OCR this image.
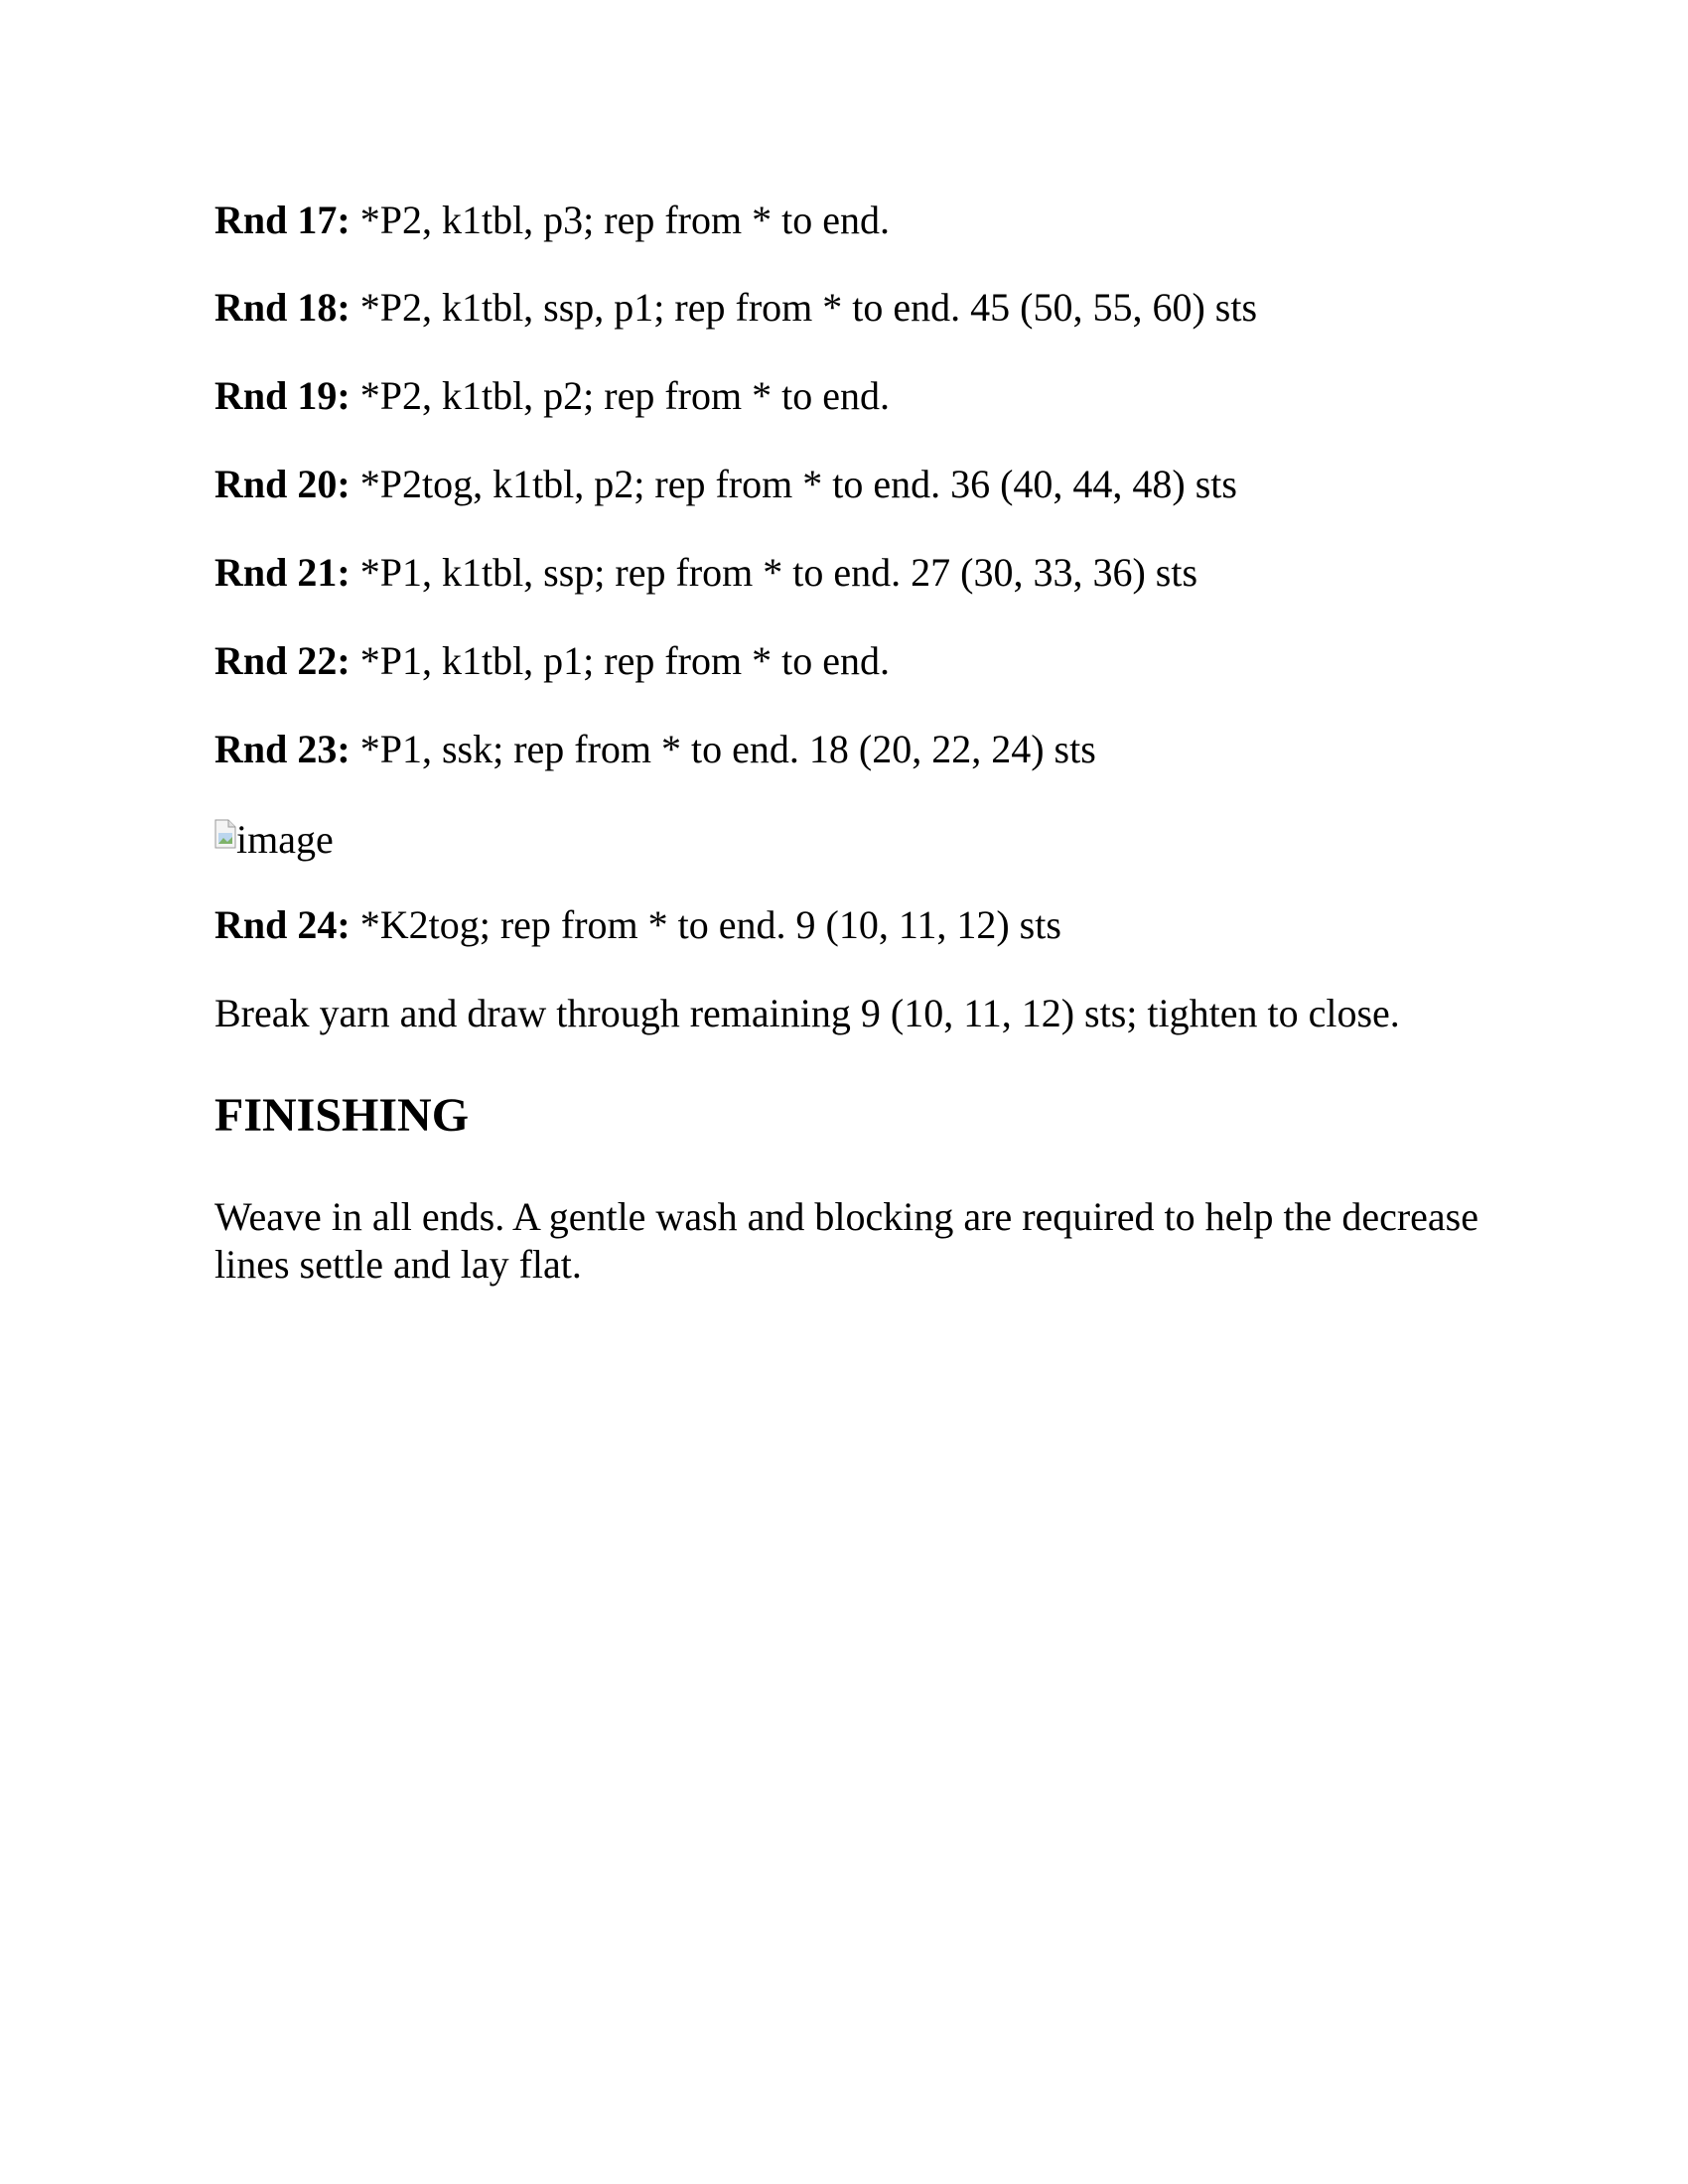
Rnd 17: *P2, k1tbl, p3; rep from * to end.

Rnd 18: *P2, k1tbl, ssp, p1; rep from * to end. 45 (50, 55, 60) sts

Rnd 19: *P2, k1tbl, p2; rep from * to end.

Rnd 20: *P2tog, k1tbl, p2; rep from * to end. 36 (40, 44, 48) sts

Rnd 21: *P1, k1tbl, ssp; rep from * to end. 27 (30, 33, 36) sts

Rnd 22: *P1, k1tbl, p1; rep from * to end.

Rnd 23: *P1, ssk; rep from * to end. 18 (20, 22, 24) sts

image

Rnd 24: *K2tog; rep from * to end. 9 (10, 11, 12) sts

Break yarn and draw through remaining 9 (10, 11, 12) sts; tighten to close.

FINISHING

Weave in all ends. A gentle wash and blocking are required to help the decrease lines settle and lay flat.
